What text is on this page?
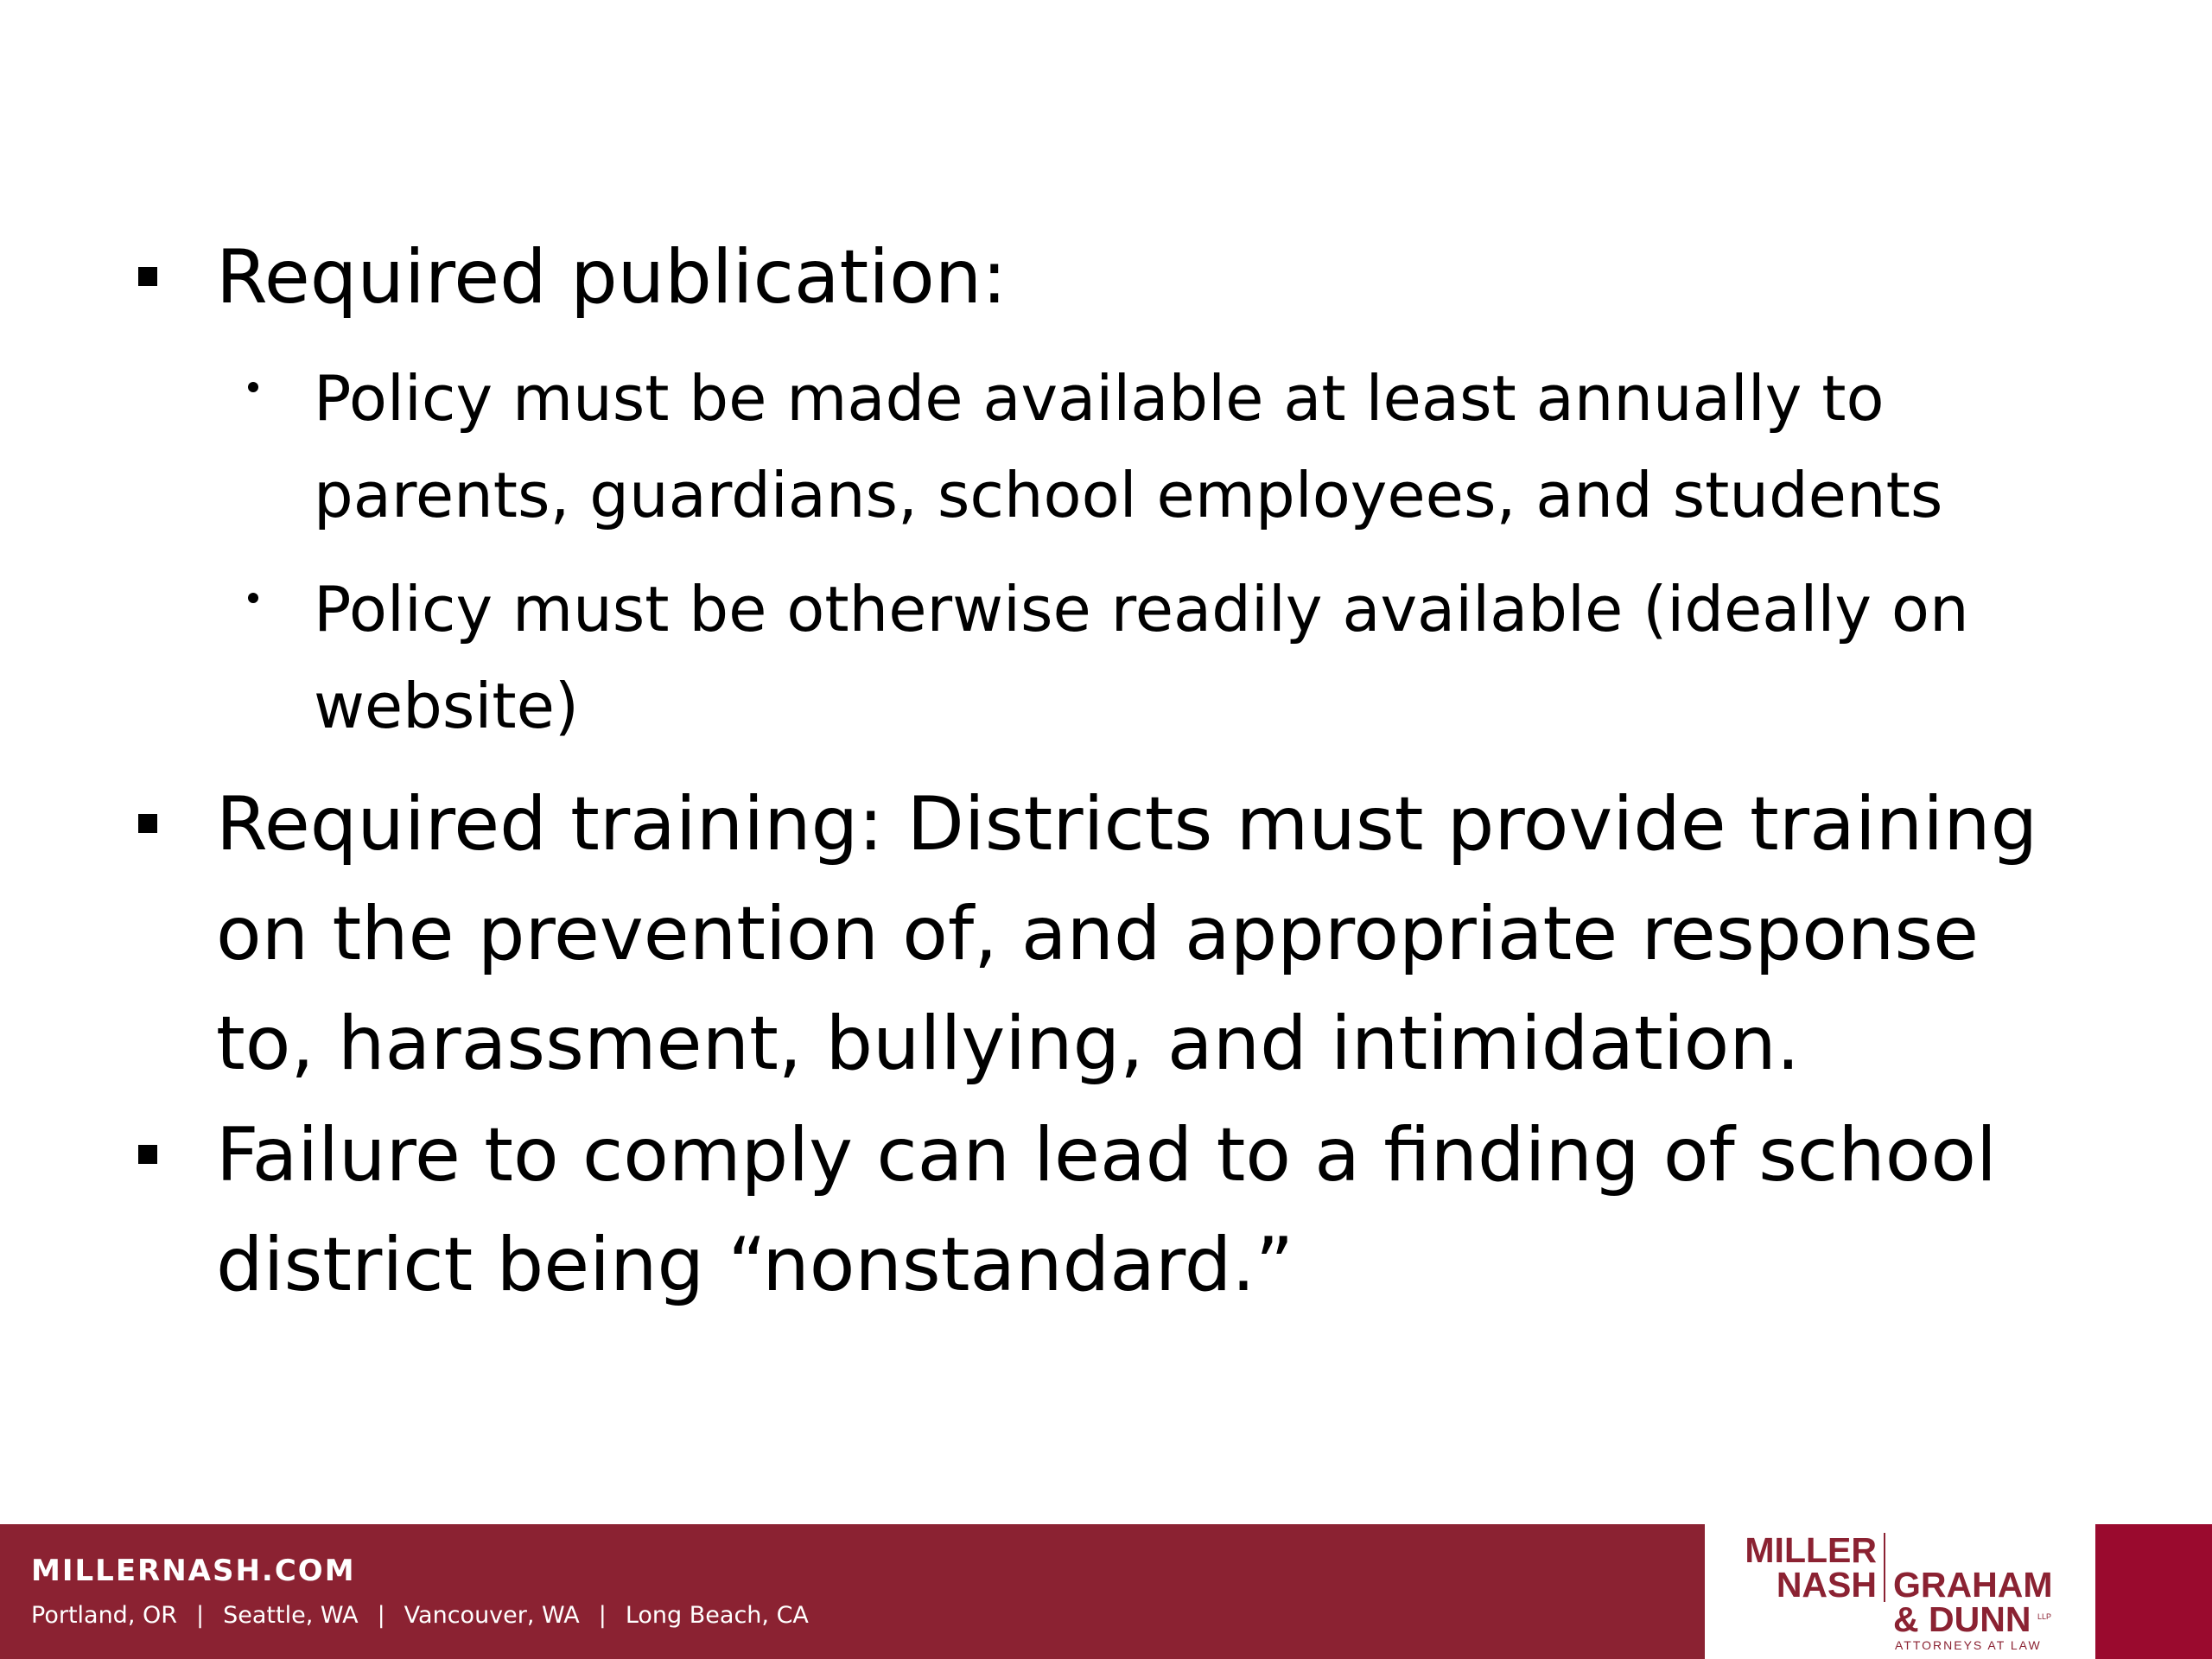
Required publication:
Policy must be made available at least annually to parents, guardians, school employees, and students
Policy must be otherwise readily available (ideally on website)
Required training: Districts must provide training on the prevention of, and appropriate response to, harassment, bullying, and intimidation.
Failure to comply can lead to a finding of school district being “nonstandard.”
MILLERNASH.COM
Portland, OR | Seattle, WA | Vancouver, WA | Long Beach, CA
MILLER
NASH GRAHAM
& DUNN LLP
ATTORNEYS AT LAW
